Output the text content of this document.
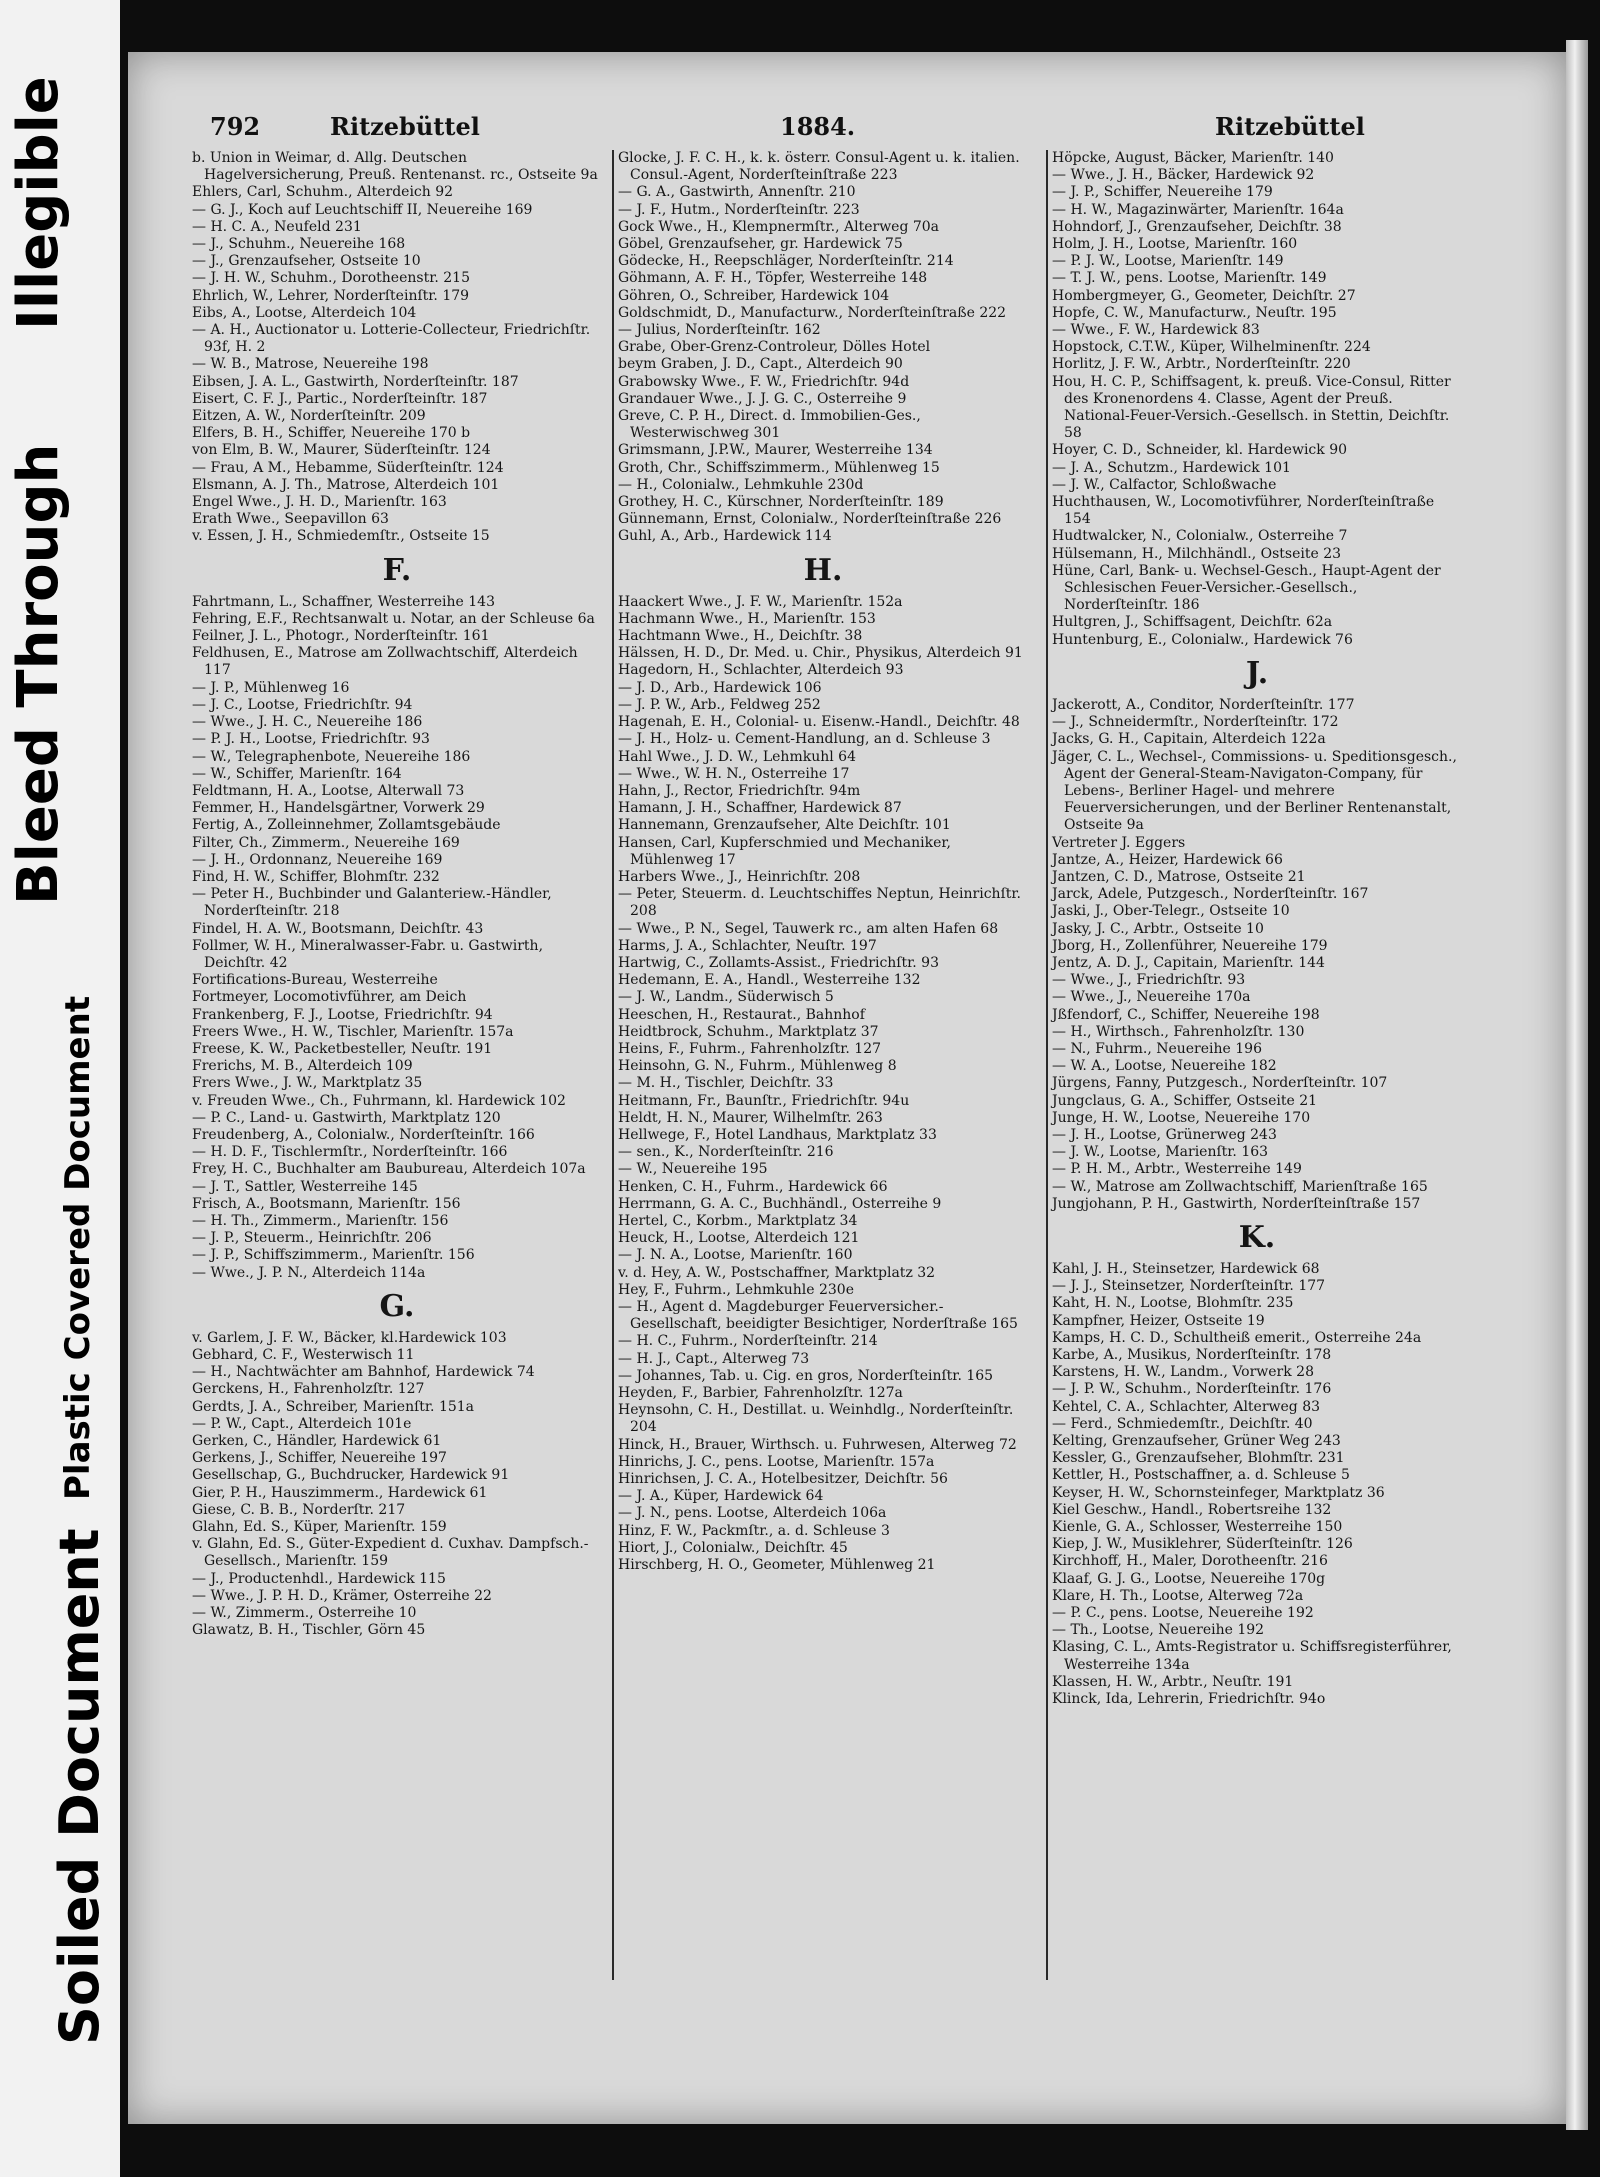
Illegible
Bleed Through
Plastic Covered Document
Soiled Document
792	Ritzebüttel	1884.	Ritzebüttel
b. Union in Weimar, d. Allg. Deutschen Hagelversicherung, Preuß. Rentenanst. rc., Ostseite 9a
Ehlers, Carl, Schuhm., Alterdeich 92
— G. J., Koch auf Leuchtschiff II, Neuereihe 169
— H. C. A., Neufeld 231
— J., Schuhm., Neuereihe 168
— J., Grenzaufseher, Ostseite 10
— J. H. W., Schuhm., Dorotheenstr. 215
Ehrlich, W., Lehrer, Norderſteinſtr. 179
Eibs, A., Lootse, Alterdeich 104
— A. H., Auctionator u. Lotterie-Collecteur, Friedrichſtr. 93f, H. 2
— W. B., Matrose, Neuereihe 198
Eibsen, J. A. L., Gastwirth, Norderſteinſtr. 187
Eisert, C. F. J., Partic., Norderſteinſtr. 187
Eitzen, A. W., Norderſteinſtr. 209
Elfers, B. H., Schiffer, Neuereihe 170 b
von Elm, B. W., Maurer, Süderſteinſtr. 124
— Frau, A M., Hebamme, Süderſteinſtr. 124
Elsmann, A. J. Th., Matrose, Alterdeich 101
Engel Wwe., J. H. D., Marienſtr. 163
Erath Wwe., Seepavillon 63
v. Essen, J. H., Schmiedemſtr., Ostseite 15
F.
Fahrtmann, L., Schaffner, Westerreihe 143
Fehring, E.F., Rechtsanwalt u. Notar, an der Schleuse 6a
Feilner, J. L., Photogr., Norderſteinſtr. 161
Feldhusen, E., Matrose am Zollwachtschiff, Alterdeich 117
— J. P., Mühlenweg 16
— J. C., Lootse, Friedrichſtr. 94
— Wwe., J. H. C., Neuereihe 186
— P. J. H., Lootse, Friedrichſtr. 93
— W., Telegraphenbote, Neuereihe 186
— W., Schiffer, Marienſtr. 164
Feldtmann, H. A., Lootse, Alterwall 73
Femmer, H., Handelsgärtner, Vorwerk 29
Fertig, A., Zolleinnehmer, Zollamtsgebäude
Filter, Ch., Zimmerm., Neuereihe 169
— J. H., Ordonnanz, Neuereihe 169
Find, H. W., Schiffer, Blohmſtr. 232
— Peter H., Buchbinder und Galanteriew.-Händler, Norderſteinſtr. 218
Findel, H. A. W., Bootsmann, Deichſtr. 43
Follmer, W. H., Mineralwasser-Fabr. u. Gastwirth, Deichſtr. 42
Fortifications-Bureau, Westerreihe
Fortmeyer, Locomotivführer, am Deich
Frankenberg, F. J., Lootse, Friedrichſtr. 94
Freers Wwe., H. W., Tischler, Marienſtr. 157a
Freese, K. W., Packetbesteller, Neuſtr. 191
Frerichs, M. B., Alterdeich 109
Frers Wwe., J. W., Marktplatz 35
v. Freuden Wwe., Ch., Fuhrmann, kl. Hardewick 102
— P. C., Land- u. Gastwirth, Marktplatz 120
Freudenberg, A., Colonialw., Norderſteinſtr. 166
— H. D. F., Tischlermſtr., Norderſteinſtr. 166
Frey, H. C., Buchhalter am Baubureau, Alterdeich 107a
— J. T., Sattler, Westerreihe 145
Frisch, A., Bootsmann, Marienſtr. 156
— H. Th., Zimmerm., Marienſtr. 156
— J. P., Steuerm., Heinrichſtr. 206
— J. P., Schiffszimmerm., Marienſtr. 156
— Wwe., J. P. N., Alterdeich 114a
G.
v. Garlem, J. F. W., Bäcker, kl.Hardewick 103
Gebhard, C. F., Westerwisch 11
— H., Nachtwächter am Bahnhof, Hardewick 74
Gerckens, H., Fahrenholzſtr. 127
Gerdts, J. A., Schreiber, Marienſtr. 151a
— P. W., Capt., Alterdeich 101e
Gerken, C., Händler, Hardewick 61
Gerkens, J., Schiffer, Neuereihe 197
Gesellschap, G., Buchdrucker, Hardewick 91
Gier, P. H., Hauszimmerm., Hardewick 61
Giese, C. B. B., Norderſtr. 217
Glahn, Ed. S., Küper, Marienſtr. 159
v. Glahn, Ed. S., Güter-Expedient d. Cuxhav. Dampfsch.-Gesellsch., Marienſtr. 159
— J., Productenhdl., Hardewick 115
— Wwe., J. P. H. D., Krämer, Osterreihe 22
— W., Zimmerm., Osterreihe 10
Glawatz, B. H., Tischler, Görn 45
Glocke, J. F. C. H., k. k. österr. Consul-Agent u. k. italien. Consul.-Agent, Norderſteinſtraße 223
— G. A., Gastwirth, Annenſtr. 210
— J. F., Hutm., Norderſteinſtr. 223
Gock Wwe., H., Klempnermſtr., Alterweg 70a
Göbel, Grenzaufseher, gr. Hardewick 75
Gödecke, H., Reepschläger, Norderſteinſtr. 214
Göhmann, A. F. H., Töpfer, Westerreihe 148
Göhren, O., Schreiber, Hardewick 104
Goldschmidt, D., Manufacturw., Norderſteinſtraße 222
— Julius, Norderſteinſtr. 162
Grabe, Ober-Grenz-Controleur, Dölles Hotel
beym Graben, J. D., Capt., Alterdeich 90
Grabowsky Wwe., F. W., Friedrichſtr. 94d
Grandauer Wwe., J. J. G. C., Osterreihe 9
Greve, C. P. H., Direct. d. Immobilien-Ges., Westerwischweg 301
Grimsmann, J.P.W., Maurer, Westerreihe 134
Groth, Chr., Schiffszimmerm., Mühlenweg 15
— H., Colonialw., Lehmkuhle 230d
Grothey, H. C., Kürschner, Norderſteinſtr. 189
Günnemann, Ernst, Colonialw., Norderſteinſtraße 226
Guhl, A., Arb., Hardewick 114
H.
Haackert Wwe., J. F. W., Marienſtr. 152a
Hachmann Wwe., H., Marienſtr. 153
Hachtmann Wwe., H., Deichſtr. 38
Hälssen, H. D., Dr. Med. u. Chir., Physikus, Alterdeich 91
Hagedorn, H., Schlachter, Alterdeich 93
— J. D., Arb., Hardewick 106
— J. P. W., Arb., Feldweg 252
Hagenah, E. H., Colonial- u. Eisenw.-Handl., Deichſtr. 48
— J. H., Holz- u. Cement-Handlung, an d. Schleuse 3
Hahl Wwe., J. D. W., Lehmkuhl 64
— Wwe., W. H. N., Osterreihe 17
Hahn, J., Rector, Friedrichſtr. 94m
Hamann, J. H., Schaffner, Hardewick 87
Hannemann, Grenzaufseher, Alte Deichſtr. 101
Hansen, Carl, Kupferschmied und Mechaniker, Mühlenweg 17
Harbers Wwe., J., Heinrichſtr. 208
— Peter, Steuerm. d. Leuchtschiffes Neptun, Heinrichſtr. 208
— Wwe., P. N., Segel, Tauwerk rc., am alten Hafen 68
Harms, J. A., Schlachter, Neuſtr. 197
Hartwig, C., Zollamts-Assist., Friedrichſtr. 93
Hedemann, E. A., Handl., Westerreihe 132
— J. W., Landm., Süderwisch 5
Heeschen, H., Restaurat., Bahnhof
Heidtbrock, Schuhm., Marktplatz 37
Heins, F., Fuhrm., Fahrenholzſtr. 127
Heinsohn, G. N., Fuhrm., Mühlenweg 8
— M. H., Tischler, Deichſtr. 33
Heitmann, Fr., Baunſtr., Friedrichſtr. 94u
Heldt, H. N., Maurer, Wilhelmſtr. 263
Hellwege, F., Hotel Landhaus, Marktplatz 33
— sen., K., Norderſteinſtr. 216
— W., Neuereihe 195
Henken, C. H., Fuhrm., Hardewick 66
Herrmann, G. A. C., Buchhändl., Osterreihe 9
Hertel, C., Korbm., Marktplatz 34
Heuck, H., Lootse, Alterdeich 121
— J. N. A., Lootse, Marienſtr. 160
v. d. Hey, A. W., Postschaffner, Marktplatz 32
Hey, F., Fuhrm., Lehmkuhle 230e
— H., Agent d. Magdeburger Feuerversicher.-Gesellschaft, beeidigter Besichtiger, Norderſtraße 165
— H. C., Fuhrm., Norderſteinſtr. 214
— H. J., Capt., Alterweg 73
— Johannes, Tab. u. Cig. en gros, Norderſteinſtr. 165
Heyden, F., Barbier, Fahrenholzſtr. 127a
Heynsohn, C. H., Destillat. u. Weinhdlg., Norderſteinſtr. 204
Hinck, H., Brauer, Wirthsch. u. Fuhrwesen, Alterweg 72
Hinrichs, J. C., pens. Lootse, Marienſtr. 157a
Hinrichsen, J. C. A., Hotelbesitzer, Deichſtr. 56
— J. A., Küper, Hardewick 64
— J. N., pens. Lootse, Alterdeich 106a
Hinz, F. W., Packmſtr., a. d. Schleuse 3
Hiort, J., Colonialw., Deichſtr. 45
Hirschberg, H. O., Geometer, Mühlenweg 21
Höpcke, August, Bäcker, Marienſtr. 140
— Wwe., J. H., Bäcker, Hardewick 92
— J. P., Schiffer, Neuereihe 179
— H. W., Magazinwärter, Marienſtr. 164a
Hohndorf, J., Grenzaufseher, Deichſtr. 38
Holm, J. H., Lootse, Marienſtr. 160
— P. J. W., Lootse, Marienſtr. 149
— T. J. W., pens. Lootse, Marienſtr. 149
Hombergmeyer, G., Geometer, Deichſtr. 27
Hopfe, C. W., Manufacturw., Neuſtr. 195
— Wwe., F. W., Hardewick 83
Hopstock, C.T.W., Küper, Wilhelminenſtr. 224
Horlitz, J. F. W., Arbtr., Norderſteinſtr. 220
Hou, H. C. P., Schiffsagent, k. preuß. Vice-Consul, Ritter des Kronenordens 4. Classe, Agent der Preuß. National-Feuer-Versich.-Gesellsch. in Stettin, Deichſtr. 58
Hoyer, C. D., Schneider, kl. Hardewick 90
— J. A., Schutzm., Hardewick 101
— J. W., Calfactor, Schloßwache
Huchthausen, W., Locomotivführer, Norderſteinſtraße 154
Hudtwalcker, N., Colonialw., Osterreihe 7
Hülsemann, H., Milchhändl., Ostseite 23
Hüne, Carl, Bank- u. Wechsel-Gesch., Haupt-Agent der Schlesischen Feuer-Versicher.-Gesellsch., Norderſteinſtr. 186
Hultgren, J., Schiffsagent, Deichſtr. 62a
Huntenburg, E., Colonialw., Hardewick 76
J.
Jackerott, A., Conditor, Norderſteinſtr. 177
— J., Schneidermſtr., Norderſteinſtr. 172
Jacks, G. H., Capitain, Alterdeich 122a
Jäger, C. L., Wechsel-, Commissions- u. Speditionsgesch., Agent der General-Steam-Navigaton-Company, für Lebens-, Berliner Hagel- und mehrere Feuerversicherungen, und der Berliner Rentenanstalt, Ostseite 9a
Vertreter J. Eggers
Jantze, A., Heizer, Hardewick 66
Jantzen, C. D., Matrose, Ostseite 21
Jarck, Adele, Putzgesch., Norderſteinſtr. 167
Jaski, J., Ober-Telegr., Ostseite 10
Jasky, J. C., Arbtr., Ostseite 10
Jborg, H., Zollenführer, Neuereihe 179
Jentz, A. D. J., Capitain, Marienſtr. 144
— Wwe., J., Friedrichſtr. 93
— Wwe., J., Neuereihe 170a
Jßfendorf, C., Schiffer, Neuereihe 198
— H., Wirthsch., Fahrenholzſtr. 130
— N., Fuhrm., Neuereihe 196
— W. A., Lootse, Neuereihe 182
Jürgens, Fanny, Putzgesch., Norderſteinſtr. 107
Jungclaus, G. A., Schiffer, Ostseite 21
Junge, H. W., Lootse, Neuereihe 170
— J. H., Lootse, Grünerweg 243
— J. W., Lootse, Marienſtr. 163
— P. H. M., Arbtr., Westerreihe 149
— W., Matrose am Zollwachtschiff, Marienſtraße 165
Jungjohann, P. H., Gastwirth, Norderſteinſtraße 157
K.
Kahl, J. H., Steinsetzer, Hardewick 68
— J. J., Steinsetzer, Norderſteinſtr. 177
Kaht, H. N., Lootse, Blohmſtr. 235
Kampfner, Heizer, Ostseite 19
Kamps, H. C. D., Schultheiß emerit., Osterreihe 24a
Karbe, A., Musikus, Norderſteinſtr. 178
Karstens, H. W., Landm., Vorwerk 28
— J. P. W., Schuhm., Norderſteinſtr. 176
Kehtel, C. A., Schlachter, Alterweg 83
— Ferd., Schmiedemſtr., Deichſtr. 40
Kelting, Grenzaufseher, Grüner Weg 243
Kessler, G., Grenzaufseher, Blohmſtr. 231
Kettler, H., Postschaffner, a. d. Schleuse 5
Keyser, H. W., Schornsteinfeger, Marktplatz 36
Kiel Geschw., Handl., Robertsreihe 132
Kienle, G. A., Schlosser, Westerreihe 150
Kiep, J. W., Musiklehrer, Süderſteinſtr. 126
Kirchhoff, H., Maler, Dorotheenſtr. 216
Klaaf, G. J. G., Lootse, Neuereihe 170g
Klare, H. Th., Lootse, Alterweg 72a
— P. C., pens. Lootse, Neuereihe 192
— Th., Lootse, Neuereihe 192
Klasing, C. L., Amts-Registrator u. Schiffsregisterführer, Westerreihe 134a
Klassen, H. W., Arbtr., Neuſtr. 191
Klinck, Ida, Lehrerin, Friedrichſtr. 94o
